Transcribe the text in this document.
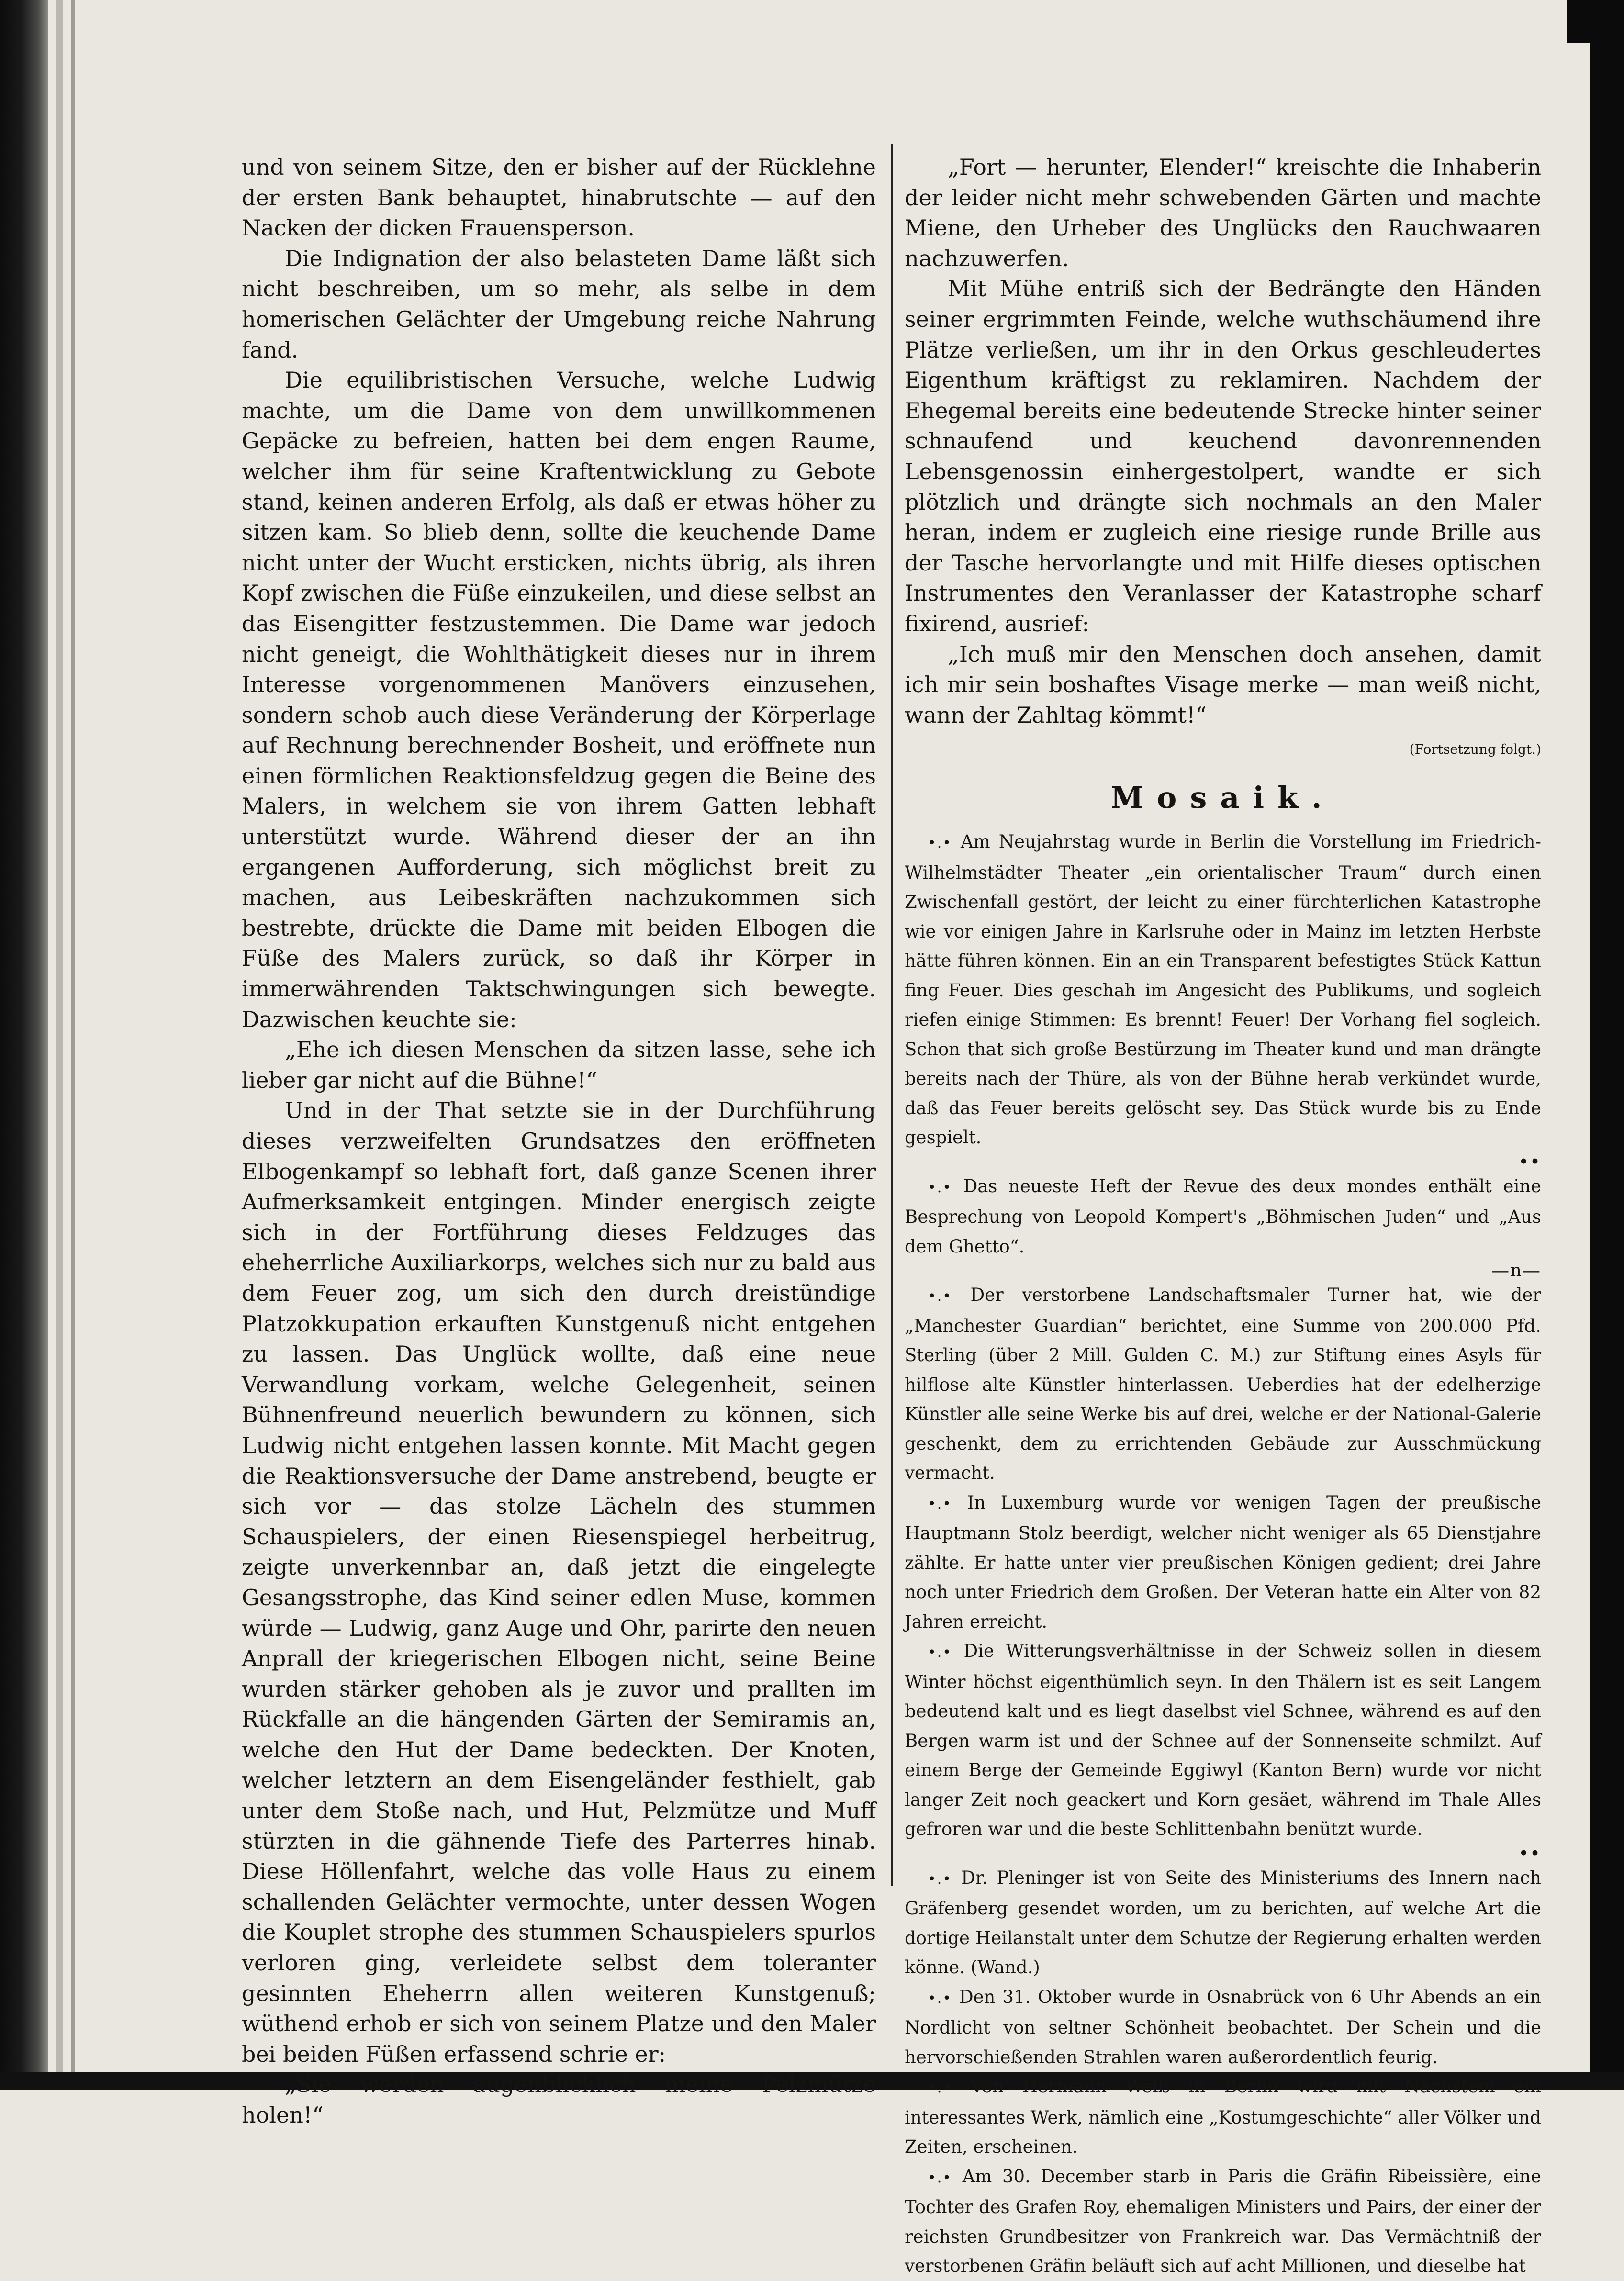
und von seinem Sitze, den er bisher auf der Rücklehne der ersten Bank behauptet, hinabrutschte — auf den Nacken der dicken Frauensperson.

Die Indignation der also belasteten Dame läßt sich nicht beschreiben, um so mehr, als selbe in dem homerischen Gelächter der Umgebung reiche Nahrung fand.

Die equilibristischen Versuche, welche Ludwig machte, um die Dame von dem unwillkommenen Gepäcke zu befreien, hatten bei dem engen Raume, welcher ihm für seine Kraftentwicklung zu Gebote stand, keinen anderen Erfolg, als daß er etwas höher zu sitzen kam. So blieb denn, sollte die keuchende Dame nicht unter der Wucht ersticken, nichts übrig, als ihren Kopf zwischen die Füße einzukeilen, und diese selbst an das Eisengitter festzustemmen. Die Dame war jedoch nicht geneigt, die Wohlthätigkeit dieses nur in ihrem Interesse vorgenommenen Manövers einzusehen, sondern schob auch diese Veränderung der Körperlage auf Rechnung berechnender Bosheit, und eröffnete nun einen förmlichen Reaktionsfeldzug gegen die Beine des Malers, in welchem sie von ihrem Gatten lebhaft unterstützt wurde. Während dieser der an ihn ergangenen Aufforderung, sich möglichst breit zu machen, aus Leibeskräften nachzukommen sich bestrebte, drückte die Dame mit beiden Elbogen die Füße des Malers zurück, so daß ihr Körper in immerwährenden Taktschwingungen sich bewegte. Dazwischen keuchte sie:

„Ehe ich diesen Menschen da sitzen lasse, sehe ich lieber gar nicht auf die Bühne!“

Und in der That setzte sie in der Durchführung dieses verzweifelten Grundsatzes den eröffneten Elbogenkampf so lebhaft fort, daß ganze Scenen ihrer Aufmerksamkeit entgingen. Minder energisch zeigte sich in der Fortführung dieses Feldzuges das eheherrliche Auxiliarkorps, welches sich nur zu bald aus dem Feuer zog, um sich den durch dreistündige Platzokkupation erkauften Kunstgenuß nicht entgehen zu lassen. Das Unglück wollte, daß eine neue Verwandlung vorkam, welche Gelegenheit, seinen Bühnenfreund neuerlich bewundern zu können, sich Ludwig nicht entgehen lassen konnte. Mit Macht gegen die Reaktionsversuche der Dame anstrebend, beugte er sich vor — das stolze Lächeln des stummen Schauspielers, der einen Riesenspiegel herbeitrug, zeigte unverkennbar an, daß jetzt die eingelegte Gesangsstrophe, das Kind seiner edlen Muse, kommen würde — Ludwig, ganz Auge und Ohr, parirte den neuen Anprall der kriegerischen Elbogen nicht, seine Beine wurden stärker gehoben als je zuvor und prallten im Rückfalle an die hängenden Gärten der Semiramis an, welche den Hut der Dame bedeckten. Der Knoten, welcher letztern an dem Eisengeländer festhielt, gab unter dem Stoße nach, und Hut, Pelzmütze und Muff stürzten in die gähnende Tiefe des Parterres hinab. Diese Höllenfahrt, welche das volle Haus zu einem schallenden Gelächter vermochte, unter dessen Wogen die Kouplet strophe des stummen Schauspielers spurlos verloren ging, verleidete selbst dem toleranter gesinnten Eheherrn allen weiteren Kunstgenuß; wüthend erhob er sich von seinem Platze und den Maler bei beiden Füßen erfassend schrie er:

„Sie werden augenblicklich meine Pelzmütze holen!“

„Fort — herunter, Elender!“ kreischte die Inhaberin der leider nicht mehr schwebenden Gärten und machte Miene, den Urheber des Unglücks den Rauchwaaren nachzuwerfen.

Mit Mühe entriß sich der Bedrängte den Händen seiner ergrimmten Feinde, welche wuthschäumend ihre Plätze verließen, um ihr in den Orkus geschleudertes Eigenthum kräftigst zu reklamiren. Nachdem der Ehegemal bereits eine bedeutende Strecke hinter seiner schnaufend und keuchend davonrennenden Lebensgenossin einhergestolpert, wandte er sich plötzlich und drängte sich nochmals an den Maler heran, indem er zugleich eine riesige runde Brille aus der Tasche hervorlangte und mit Hilfe dieses optischen Instrumentes den Veranlasser der Katastrophe scharf fixirend, ausrief:

„Ich muß mir den Menschen doch ansehen, damit ich mir sein boshaftes Visage merke — man weiß nicht, wann der Zahltag kömmt!“

(Fortsetzung folgt.)
Mosaik.

•.• Am Neujahrstag wurde in Berlin die Vorstellung im Friedrich-Wilhelmstädter Theater „ein orientalischer Traum“ durch einen Zwischenfall gestört, der leicht zu einer fürchterlichen Katastrophe wie vor einigen Jahre in Karlsruhe oder in Mainz im letzten Herbste hätte führen können. Ein an ein Transparent befestigtes Stück Kattun fing Feuer. Dies geschah im Angesicht des Publikums, und sogleich riefen einige Stimmen: Es brennt! Feuer! Der Vorhang fiel sogleich. Schon that sich große Bestürzung im Theater kund und man drängte bereits nach der Thüre, als von der Bühne herab verkündet wurde, daß das Feuer bereits gelöscht sey. Das Stück wurde bis zu Ende gespielt.

••

•.• Das neueste Heft der Revue des deux mondes enthält eine Besprechung von Leopold Kompert's „Böhmischen Juden“ und „Aus dem Ghetto“.

—n—

•.• Der verstorbene Landschaftsmaler Turner hat, wie der „Manchester Guardian“ berichtet, eine Summe von 200.000 Pfd. Sterling (über 2 Mill. Gulden C. M.) zur Stiftung eines Asyls für hilflose alte Künstler hinterlassen. Ueberdies hat der edelherzige Künstler alle seine Werke bis auf drei, welche er der National-Galerie geschenkt, dem zu errichtenden Gebäude zur Ausschmückung vermacht.

•.• In Luxemburg wurde vor wenigen Tagen der preußische Hauptmann Stolz beerdigt, welcher nicht weniger als 65 Dienstjahre zählte. Er hatte unter vier preußischen Königen gedient; drei Jahre noch unter Friedrich dem Großen. Der Veteran hatte ein Alter von 82 Jahren erreicht.

•.• Die Witterungsverhältnisse in der Schweiz sollen in diesem Winter höchst eigenthümlich seyn. In den Thälern ist es seit Langem bedeutend kalt und es liegt daselbst viel Schnee, während es auf den Bergen warm ist und der Schnee auf der Sonnenseite schmilzt. Auf einem Berge der Gemeinde Eggiwyl (Kanton Bern) wurde vor nicht langer Zeit noch geackert und Korn gesäet, während im Thale Alles gefroren war und die beste Schlittenbahn benützt wurde.

••

•.• Dr. Pleninger ist von Seite des Ministeriums des Innern nach Gräfenberg gesendet worden, um zu berichten, auf welche Art die dortige Heilanstalt unter dem Schutze der Regierung erhalten werden könne. (Wand.)

•.• Den 31. Oktober wurde in Osnabrück von 6 Uhr Abends an ein Nordlicht von seltner Schönheit beobachtet. Der Schein und die hervorschießenden Strahlen waren außerordentlich feurig.

•.• Von Hermann Weiß in Berlin wird mit Nächstem ein interessantes Werk, nämlich eine „Kostumgeschichte“ aller Völker und Zeiten, erscheinen.

•.• Am 30. December starb in Paris die Gräfin Ribeissière, eine Tochter des Grafen Roy, ehemaligen Ministers und Pairs, der einer der reichsten Grundbesitzer von Frankreich war. Das Vermächtniß der verstorbenen Gräfin beläuft sich auf acht Millionen, und dieselbe hat
